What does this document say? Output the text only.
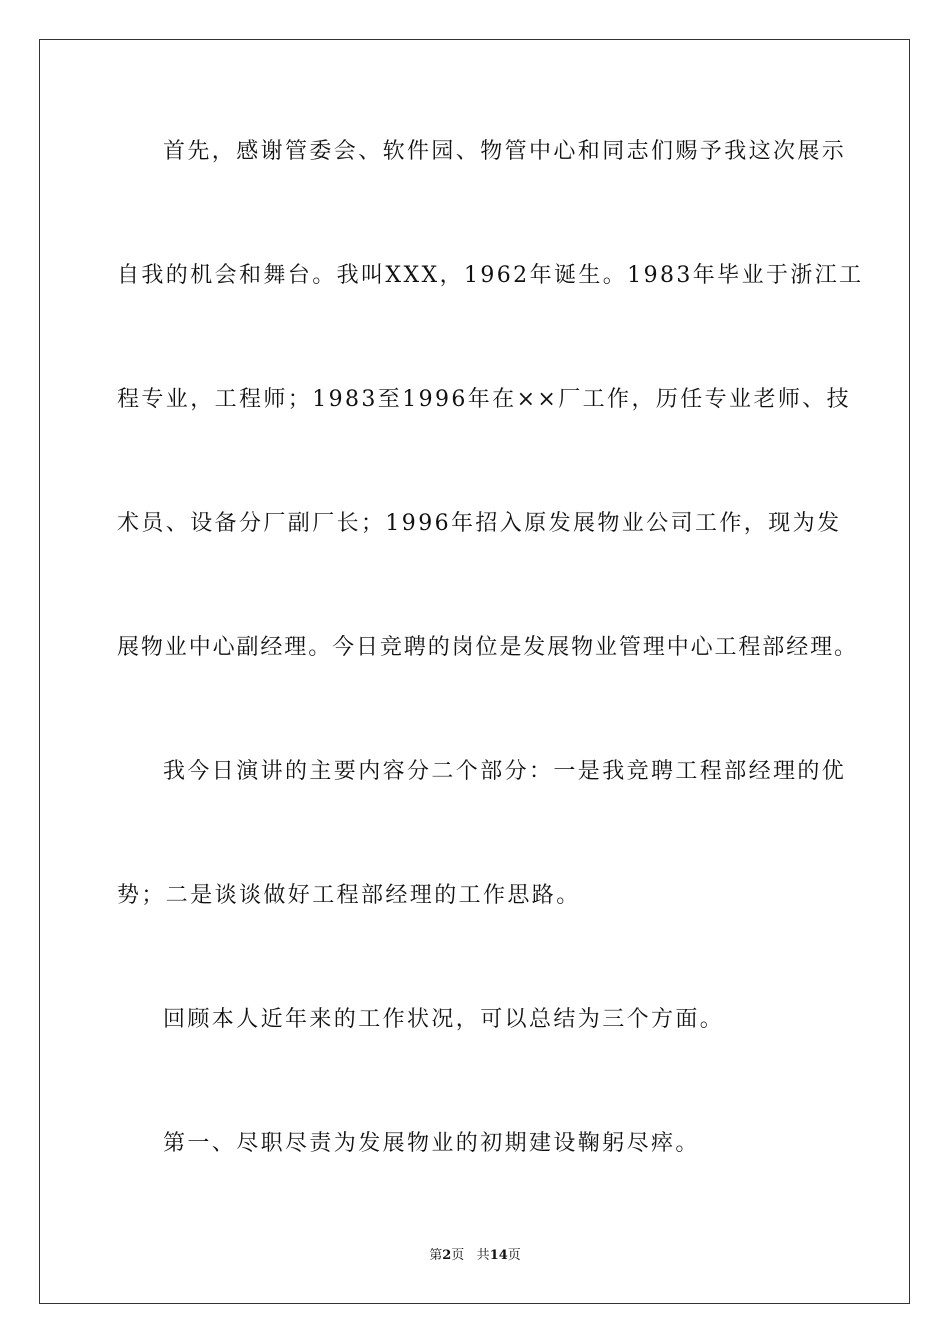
首先，感谢管委会、软件园、物管中心和同志们赐予我这次展示
自我的机会和舞台。我叫XXX，1962年诞生。1983年毕业于浙江工
程专业，工程师；1983至1996年在××厂工作，历任专业老师、技
术员、设备分厂副厂长；1996年招入原发展物业公司工作，现为发
展物业中心副经理。今日竞聘的岗位是发展物业管理中心工程部经理。
我今日演讲的主要内容分二个部分：一是我竞聘工程部经理的优
势；二是谈谈做好工程部经理的工作思路。
回顾本人近年来的工作状况，可以总结为三个方面。
第一、尽职尽责为发展物业的初期建设鞠躬尽瘁。
第2页 共14页
